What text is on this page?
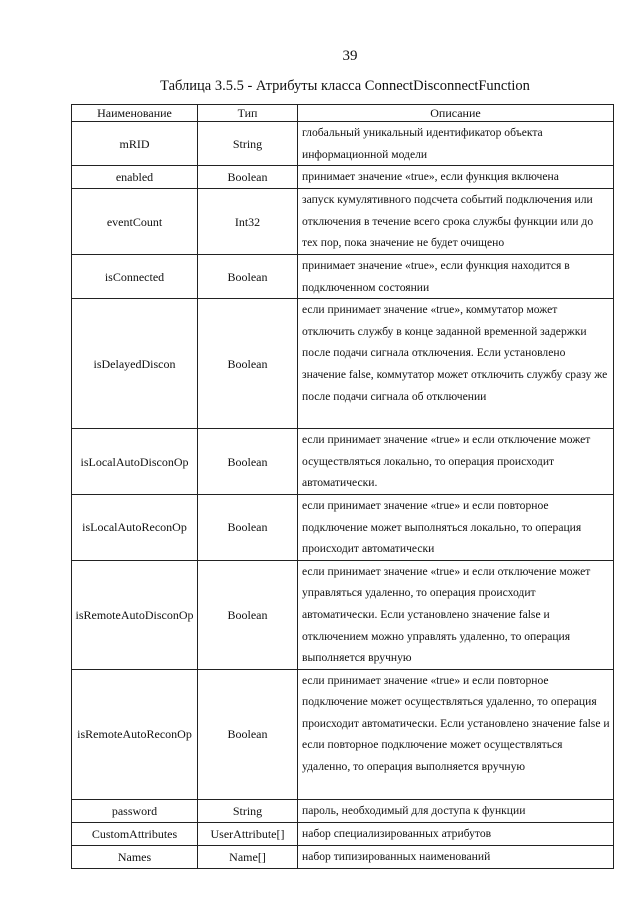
39
Таблица 3.5.5 - Атрибуты класса ConnectDisconnectFunction
Наименование	Тип	Описание
mRID	String	глобальный уникальный идентификатор объекта информационной модели
enabled	Boolean	принимает значение «true», если функция включена
eventCount	Int32	запуск кумулятивного подсчета событий подключения или отключения в течение всего срока службы функции или до тех пор, пока значение не будет очищено
isConnected	Boolean	принимает значение «true», если функция находится в подключенном состоянии
isDelayedDiscon	Boolean	если принимает значение «true», коммутатор может отключить службу в конце заданной временной задержки после подачи сигнала отключения. Если установлено значение false, коммутатор может отключить службу сразу же после подачи сигнала об отключении
isLocalAutoDisconOp	Boolean	если принимает значение «true» и если отключение может осуществляться локально, то операция происходит автоматически.
isLocalAutoReconOp	Boolean	если принимает значение «true» и если повторное подключение может выполняться локально, то операция происходит автоматически
isRemoteAutoDisconOp	Boolean	если принимает значение «true» и если отключение может управляться удаленно, то операция происходит автоматически. Если установлено значение false и отключением можно управлять удаленно, то операция выполняется вручную
isRemoteAutoReconOp	Boolean	если принимает значение «true» и если повторное подключение может осуществляться удаленно, то операция происходит автоматически. Если установлено значение false и если повторное подключение может осуществляться удаленно, то операция выполняется вручную
password	String	пароль, необходимый для доступа к функции
CustomAttributes	UserAttribute[]	набор специализированных атрибутов
Names	Name[]	набор типизированных наименований
